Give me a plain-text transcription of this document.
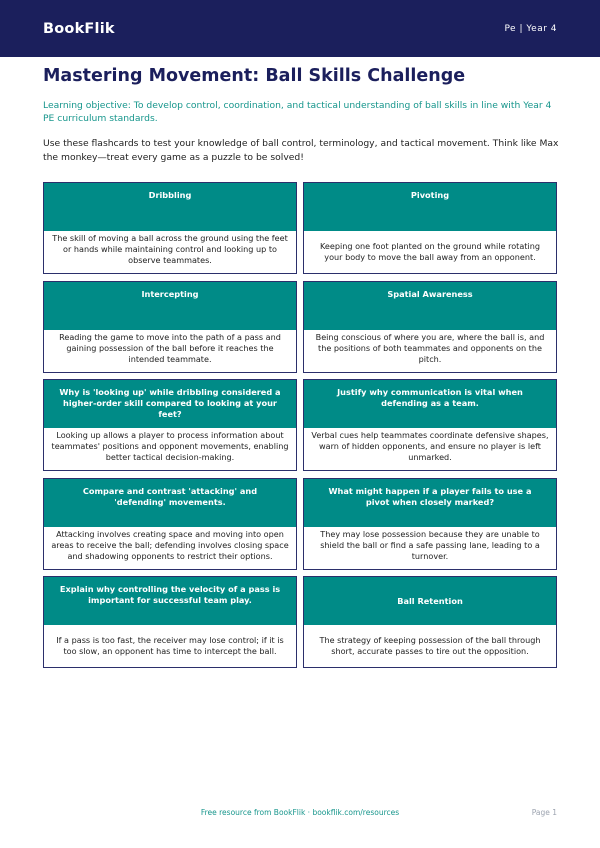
BookFlik	Pe | Year 4
Mastering Movement: Ball Skills Challenge
Learning objective: To develop control, coordination, and tactical understanding of ball skills in line with Year 4 PE curriculum standards.
Use these flashcards to test your knowledge of ball control, terminology, and tactical movement. Think like Max the monkey—treat every game as a puzzle to be solved!
Dribbling
The skill of moving a ball across the ground using the feet or hands while maintaining control and looking up to observe teammates.
Pivoting
Keeping one foot planted on the ground while rotating your body to move the ball away from an opponent.
Intercepting
Reading the game to move into the path of a pass and gaining possession of the ball before it reaches the intended teammate.
Spatial Awareness
Being conscious of where you are, where the ball is, and the positions of both teammates and opponents on the pitch.
Why is 'looking up' while dribbling considered a higher-order skill compared to looking at your feet?
Looking up allows a player to process information about teammates' positions and opponent movements, enabling better tactical decision-making.
Justify why communication is vital when defending as a team.
Verbal cues help teammates coordinate defensive shapes, warn of hidden opponents, and ensure no player is left unmarked.
Compare and contrast 'attacking' and 'defending' movements.
Attacking involves creating space and moving into open areas to receive the ball; defending involves closing space and shadowing opponents to restrict their options.
What might happen if a player fails to use a pivot when closely marked?
They may lose possession because they are unable to shield the ball or find a safe passing lane, leading to a turnover.
Explain why controlling the velocity of a pass is important for successful team play.
If a pass is too fast, the receiver may lose control; if it is too slow, an opponent has time to intercept the ball.
Ball Retention
The strategy of keeping possession of the ball through short, accurate passes to tire out the opposition.
Free resource from BookFlik · bookflik.com/resources	Page 1
